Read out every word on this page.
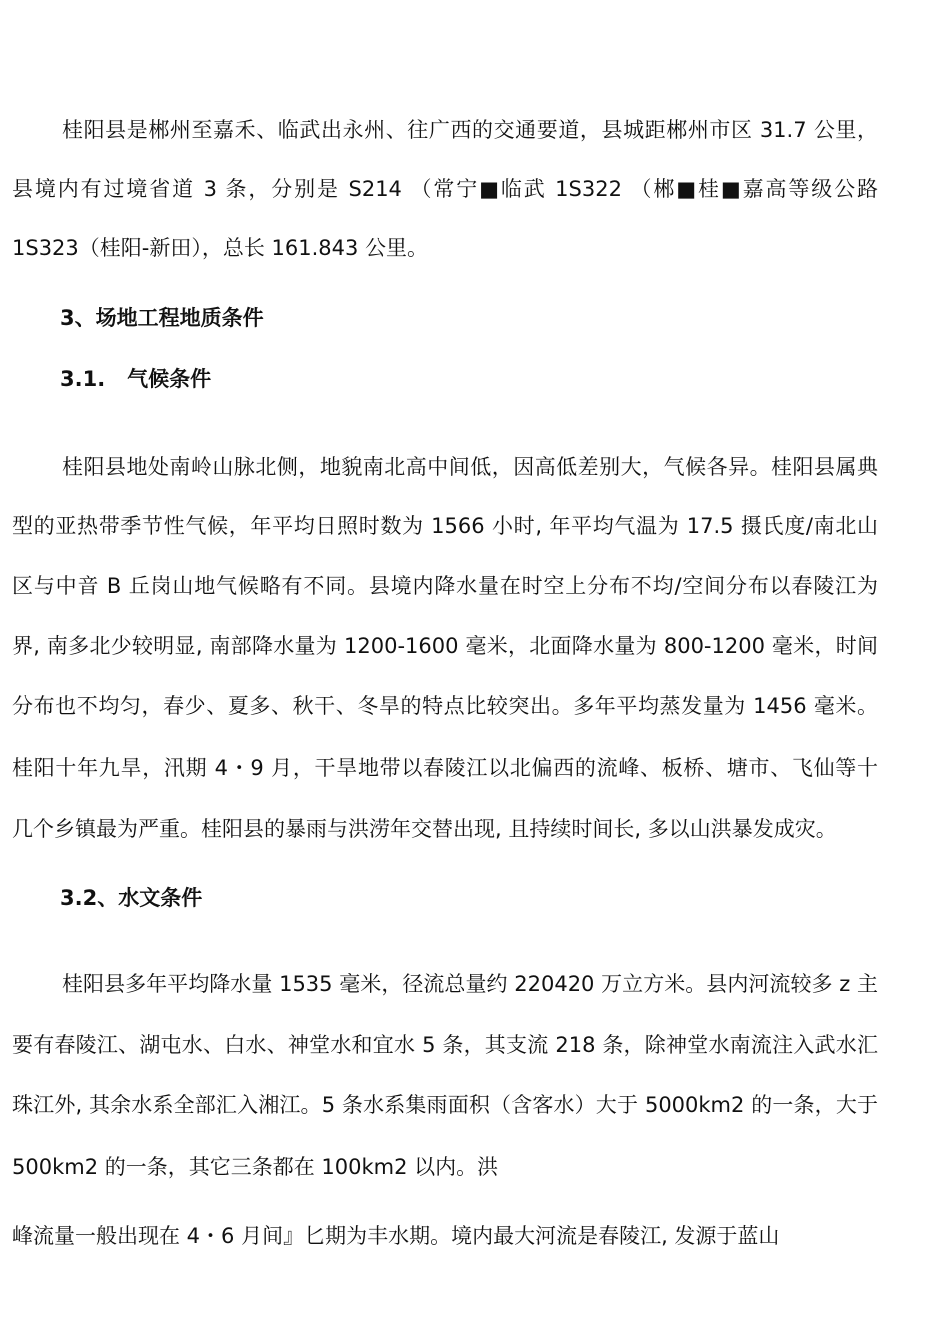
桂阳县是郴州至嘉禾、临武出永州、往广西的交通要道，县城距郴州市区 31.7 公里，
县境内有过境省道 3 条，分别是 S214 （常宁■临武 1S322 （郴■桂■嘉高等级公路
1S323（桂阳-新田），总长 161.843 公里。
3、场地工程地质条件
3.1.   气候条件
桂阳县地处南岭山脉北侧，地貌南北高中间低，因高低差别大，气候各异。桂阳县属典
型的亚热带季节性气候，年平均日照时数为 1566 小时, 年平均气温为 17.5 摄氏度/南北山
区与中音 B 丘岗山地气候略有不同。县境内降水量在时空上分布不均/空间分布以春陵江为
界, 南多北少较明显, 南部降水量为 1200-1600 毫米，北面降水量为 800-1200 毫米，时间
分布也不均匀，春少、夏多、秋干、冬旱的特点比较突出。多年平均蒸发量为 1456 毫米。
桂阳十年九旱，汛期 4・9 月，干旱地带以春陵江以北偏西的流峰、板桥、塘市、飞仙等十
几个乡镇最为严重。桂阳县的暴雨与洪涝年交替出现, 且持续时间长, 多以山洪暴发成灾。
3.2、水文条件
桂阳县多年平均降水量 1535 毫米，径流总量约 220420 万立方米。县内河流较多 z 主
要有春陵江、湖屯水、白水、神堂水和宜水 5 条，其支流 218 条，除神堂水南流注入武水汇
珠江外, 其余水系全部汇入湘江。5 条水系集雨面积（含客水）大于 5000km2 的一条，大于
500km2 的一条，其它三条都在 100km2 以内。洪
峰流量一般出现在 4・6 月间』匕期为丰水期。境内最大河流是春陵江, 发源于蓝山
